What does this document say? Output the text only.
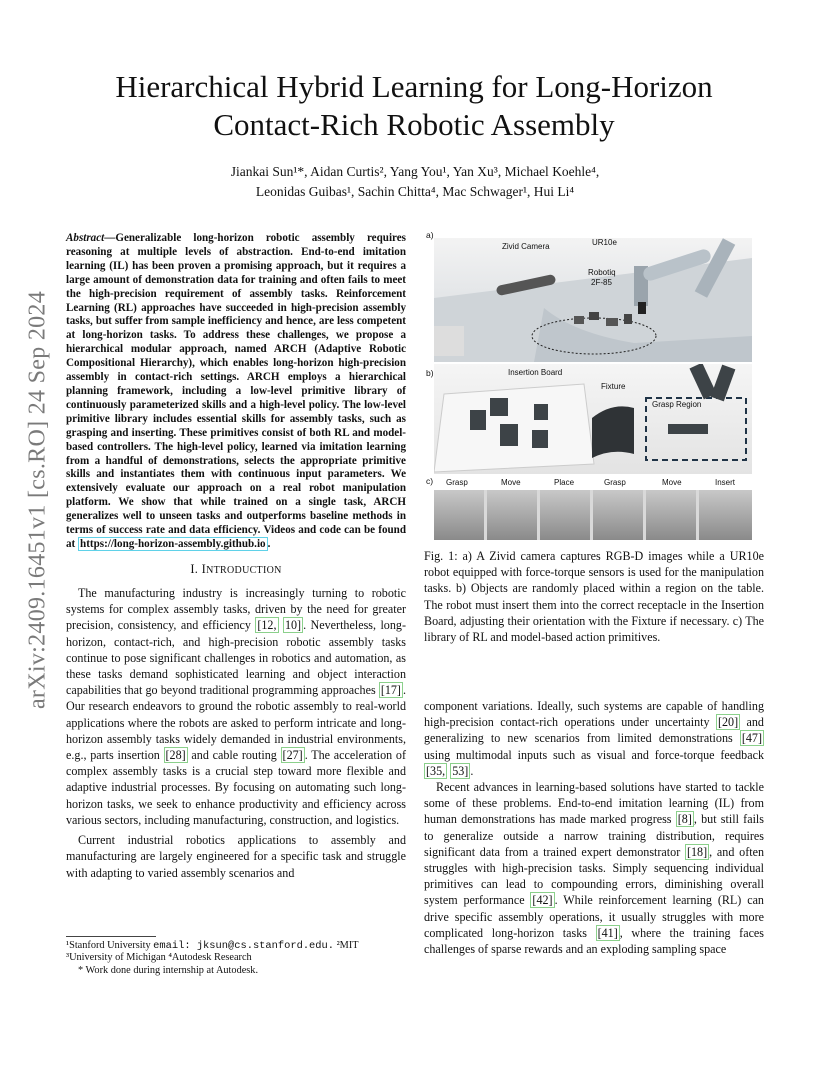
arXiv:2409.16451v1 [cs.RO] 24 Sep 2024
Hierarchical Hybrid Learning for Long-Horizon
Contact-Rich Robotic Assembly
Jiankai Sun¹*, Aidan Curtis², Yang You¹, Yan Xu³, Michael Koehle⁴,
Leonidas Guibas¹, Sachin Chitta⁴, Mac Schwager¹, Hui Li⁴

Abstract—Generalizable long-horizon robotic assembly requires reasoning at multiple levels of abstraction. End-to-end imitation learning (IL) has been proven a promising approach, but it requires a large amount of demonstration data for training and often fails to meet the high-precision requirement of assembly tasks. Reinforcement Learning (RL) approaches have succeeded in high-precision assembly tasks, but suffer from sample inefficiency and hence, are less competent at long-horizon tasks. To address these challenges, we propose a hierarchical modular approach, named ARCH (Adaptive Robotic Compositional Hierarchy), which enables long-horizon high-precision assembly in contact-rich settings. ARCH employs a hierarchical planning framework, including a low-level primitive library of continuously parameterized skills and a high-level policy. The low-level primitive library includes essential skills for assembly tasks, such as grasping and inserting. These primitives consist of both RL and model-based controllers. The high-level policy, learned via imitation learning from a handful of demonstrations, selects the appropriate primitive skills and instantiates them with continuous input parameters. We extensively evaluate our approach on a real robot manipulation platform. We show that while trained on a single task, ARCH generalizes well to unseen tasks and outperforms baseline methods in terms of success rate and data efficiency. Videos and code can be found at https://long-horizon-assembly.github.io .

I. INTRODUCTION

The manufacturing industry is increasingly turning to robotic systems for complex assembly tasks, driven by the need for greater precision, consistency, and efficiency [12, 10] . Nevertheless, long-horizon, contact-rich, and high-precision robotic assembly tasks continue to pose significant challenges in robotics and automation, as these tasks demand sophisticated learning and object interaction capabilities that go beyond traditional programming approaches [17] . Our research endeavors to ground the robotic assembly to real-world applications where the robots are asked to perform intricate and long-horizon assembly tasks widely demanded in industrial environments, e.g., parts insertion [28] and cable routing [27] . The acceleration of complex assembly tasks is a crucial step toward more flexible and adaptive industrial processes. By focusing on automating such long-horizon tasks, we seek to enhance productivity and efficiency across various sectors, including manufacturing, construction, and logistics.

Current industrial robotics applications to assembly and manufacturing are largely engineered for a specific task and struggle with adapting to varied assembly scenarios and

¹Stanford University email: jksun@cs.stanford.edu. ²MIT
³University of Michigan ⁴Autodesk Research
* Work done during internship at Autodesk.
a)
Zivid Camera	UR10e
Robotiq
2F-85
b)	Insertion Board
Fixture
Grasp Region
c) Grasp	Move	Place	Grasp	Move	Insert
Fig. 1: a) A Zivid camera captures RGB-D images while a UR10e robot equipped with force-torque sensors is used for the manipulation tasks. b) Objects are randomly placed within a region on the table. The robot must insert them into the correct receptacle in the Insertion Board, adjusting their orientation with the Fixture if necessary. c) The library of RL and model-based action primitives.

component variations. Ideally, such systems are capable of handling high-precision contact-rich operations under uncertainty [20] and generalizing to new scenarios from limited demonstrations [47] using multimodal inputs such as visual and force-torque feedback [35, 53] .

Recent advances in learning-based solutions have started to tackle some of these problems. End-to-end imitation learning (IL) from human demonstrations has made marked progress [8] , but still fails to generalize outside a narrow training distribution, requires significant data from a trained expert demonstrator [18] , and often struggles with high-precision tasks. Simply sequencing individual primitives can lead to compounding errors, diminishing overall system performance [42] . While reinforcement learning (RL) can drive specific assembly operations, it usually struggles with more complicated long-horizon tasks [41] , where the training faces challenges of sparse rewards and an exploding sampling space
